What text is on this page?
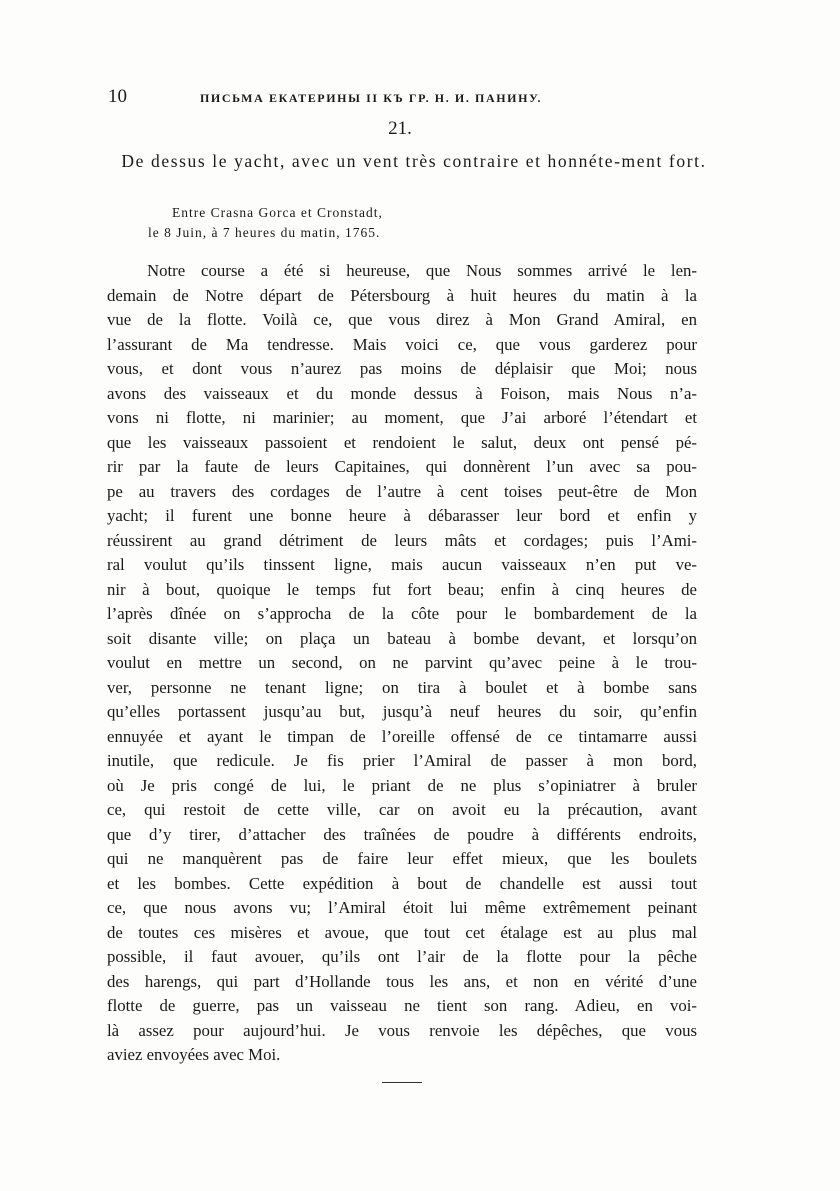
10	ПИСЬМА ЕКАТЕРИНЫ II КЪ ГР. Н. И. ПАНИНУ.
21.
De dessus le yacht, avec un vent très contraire et honnéte-ment fort.
Entre Crasna Gorca et Cronstadt,
le 8 Juin, à 7 heures du matin, 1765.
Notre course a été si heureuse, que Nous sommes arrivé le len-
demain de Notre départ de Pétersbourg à huit heures du matin à la
vue de la flotte. Voilà ce, que vous direz à Mon Grand Amiral, en
l’assurant de Ma tendresse. Mais voici ce, que vous garderez pour
vous, et dont vous n’aurez pas moins de déplaisir que Moi; nous
avons des vaisseaux et du monde dessus à Foison, mais Nous n’a-
vons ni flotte, ni marinier; au moment, que J’ai arboré l’étendart et
que les vaisseaux passoient et rendoient le salut, deux ont pensé pé-
rir par la faute de leurs Capitaines, qui donnèrent l’un avec sa pou-
pe au travers des cordages de l’autre à cent toises peut-être de Mon
yacht; il furent une bonne heure à débarasser leur bord et enfin y
réussirent au grand détriment de leurs mâts et cordages; puis l’Ami-
ral voulut qu’ils tinssent ligne, mais aucun vaisseaux n’en put ve-
nir à bout, quoique le temps fut fort beau; enfin à cinq heures de
l’après dînée on s’approcha de la côte pour le bombardement de la
soit disante ville; on plaça un bateau à bombe devant, et lorsqu’on
voulut en mettre un second, on ne parvint qu’avec peine à le trou-
ver, personne ne tenant ligne; on tira à boulet et à bombe sans
qu’elles portassent jusqu’au but, jusqu’à neuf heures du soir, qu’enfin
ennuyée et ayant le timpan de l’oreille offensé de ce tintamarre aussi
inutile, que redicule. Je fis prier l’Amiral de passer à mon bord,
où Je pris congé de lui, le priant de ne plus s’opiniatrer à bruler
ce, qui restoit de cette ville, car on avoit eu la précaution, avant
que d’y tirer, d’attacher des traînées de poudre à différents endroits,
qui ne manquèrent pas de faire leur effet mieux, que les boulets
et les bombes. Cette expédition à bout de chandelle est aussi tout
ce, que nous avons vu; l’Amiral étoit lui même extrêmement peinant
de toutes ces misères et avoue, que tout cet étalage est au plus mal
possible, il faut avouer, qu’ils ont l’air de la flotte pour la pêche
des harengs, qui part d’Hollande tous les ans, et non en vérité d’une
flotte de guerre, pas un vaisseau ne tient son rang. Adieu, en voi-
là assez pour aujourd’hui. Je vous renvoie les dépêches, que vous
aviez envoyées avec Moi.
